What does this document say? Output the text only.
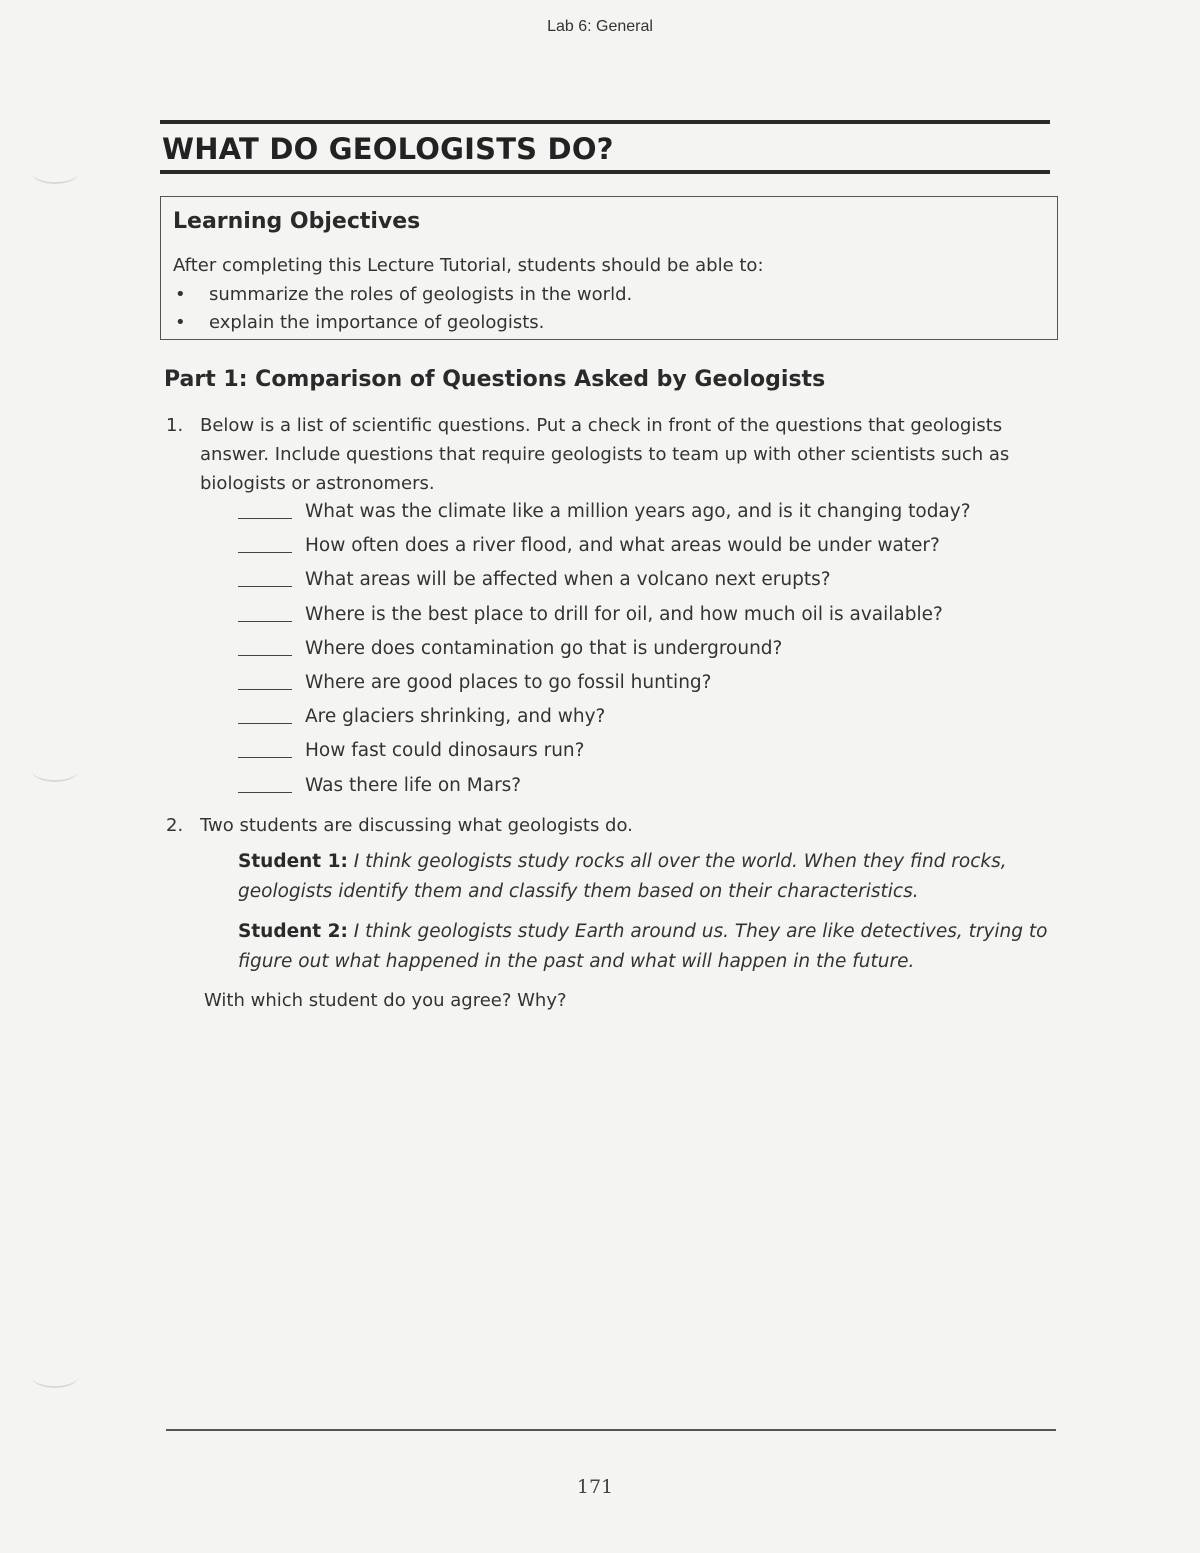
Lab 6: General
WHAT DO GEOLOGISTS DO?
Learning Objectives
After completing this Lecture Tutorial, students should be able to:
• summarize the roles of geologists in the world.
• explain the importance of geologists.
Part 1: Comparison of Questions Asked by Geologists
1. Below is a list of scientific questions. Put a check in front of the questions that geologists answer. Include questions that require geologists to team up with other scientists such as biologists or astronomers.
What was the climate like a million years ago, and is it changing today?
How often does a river flood, and what areas would be under water?
What areas will be affected when a volcano next erupts?
Where is the best place to drill for oil, and how much oil is available?
Where does contamination go that is underground?
Where are good places to go fossil hunting?
Are glaciers shrinking, and why?
How fast could dinosaurs run?
Was there life on Mars?
2. Two students are discussing what geologists do.
Student 1: I think geologists study rocks all over the world. When they find rocks, geologists identify them and classify them based on their characteristics.
Student 2: I think geologists study Earth around us. They are like detectives, trying to figure out what happened in the past and what will happen in the future.
With which student do you agree? Why?
171
